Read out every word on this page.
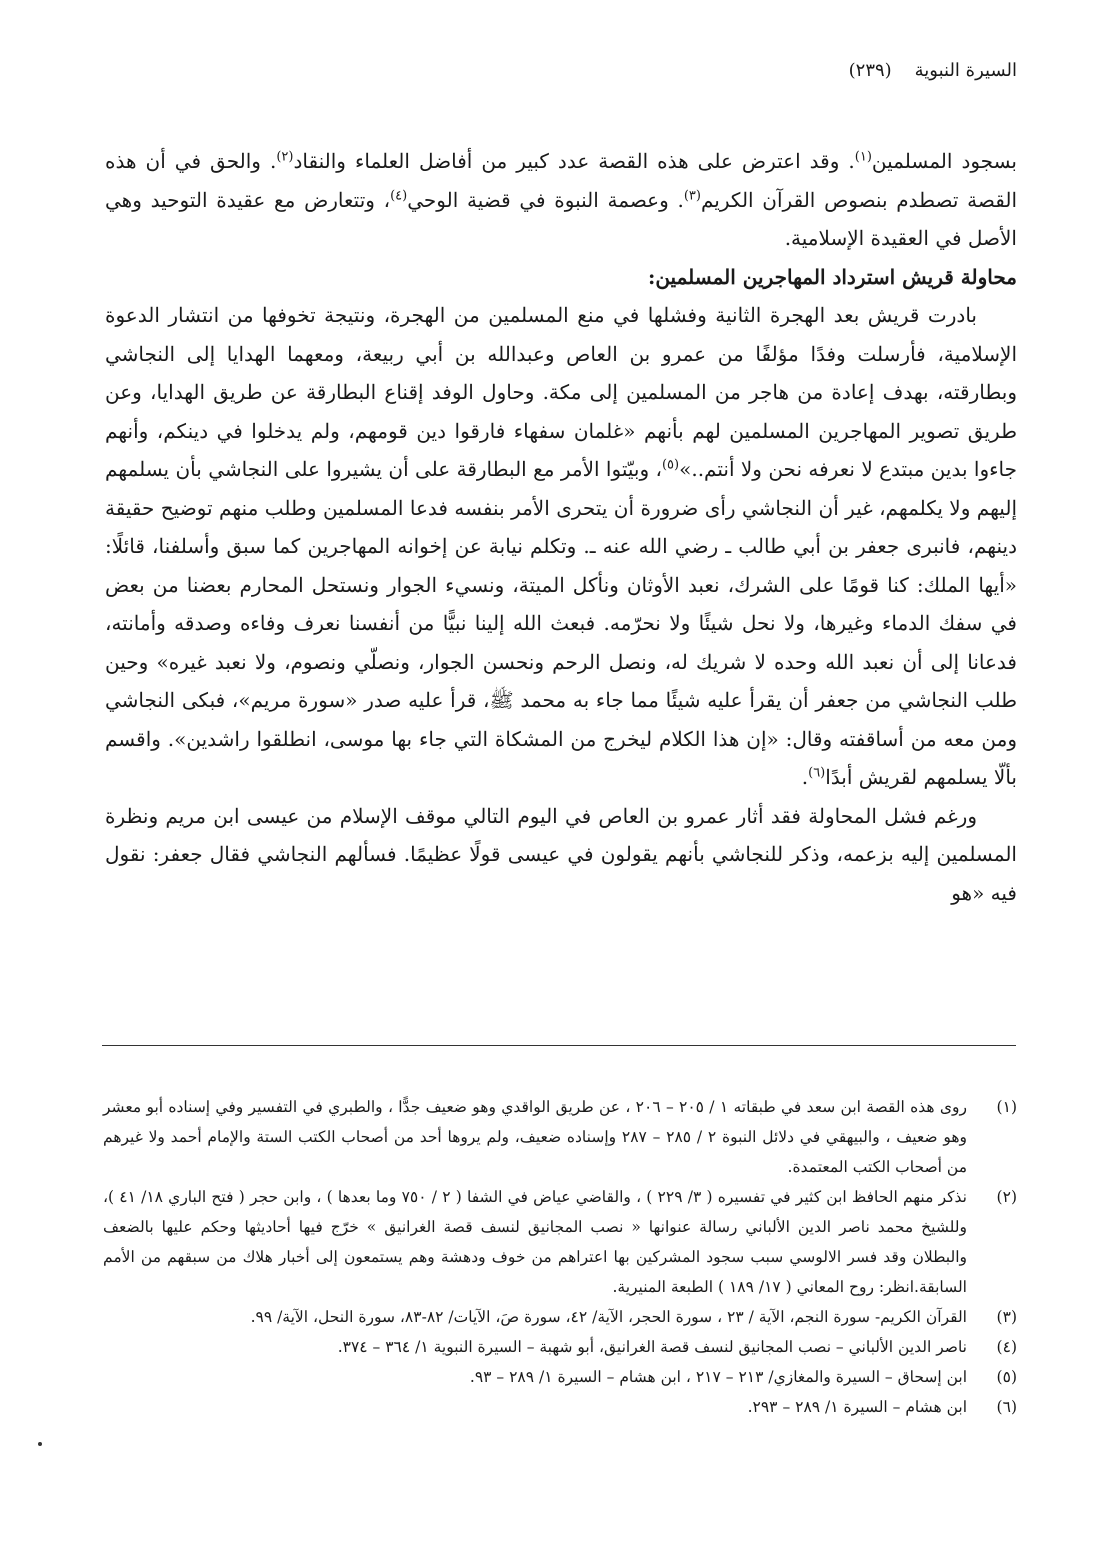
السيرة النبوية    (٢٣٩)

بسجود المسلمين$^{(١)}$. وقد اعترض على هذه القصة عدد كبير من أفاضل العلماء والنقاد$^{(٢)}$. والحق في أن هذه القصة تصطدم بنصوص القرآن الكريم$^{(٣)}$. وعصمة النبوة في قضية الوحي$^{(٤)}$، وتتعارض مع عقيدة التوحيد وهي الأصل في العقيدة الإسلامية.

محاولة قريش استرداد المهاجرين المسلمين:

بادرت قريش بعد الهجرة الثانية وفشلها في منع المسلمين من الهجرة، ونتيجة تخوفها من انتشار الدعوة الإسلامية، فأرسلت وفدًا مؤلفًا من عمرو بن العاص وعبدالله بن أبي ربيعة، ومعهما الهدايا إلى النجاشي وبطارقته، بهدف إعادة من هاجر من المسلمين إلى مكة. وحاول الوفد إقناع البطارقة عن طريق الهدايا، وعن طريق تصوير المهاجرين المسلمين لهم بأنهم «غلمان سفهاء فارقوا دين قومهم، ولم يدخلوا في دينكم، وأنهم جاءوا بدين مبتدع لا نعرفه نحن ولا أنتم..»$^{(٥)}$، وبيّتوا الأمر مع البطارقة على أن يشيروا على النجاشي بأن يسلمهم إليهم ولا يكلمهم، غير أن النجاشي رأى ضرورة أن يتحرى الأمر بنفسه فدعا المسلمين وطلب منهم توضيح حقيقة دينهم، فانبرى جعفر بن أبي طالب ـ رضي الله عنه ـ. وتكلم نيابة عن إخوانه المهاجرين كما سبق وأسلفنا، قائلًا: «أيها الملك: كنا قومًا على الشرك، نعبد الأوثان ونأكل الميتة، ونسيء الجوار ونستحل المحارم بعضنا من بعض في سفك الدماء وغيرها، ولا نحل شيئًا ولا نحرّمه. فبعث الله إلينا نبيًّا من أنفسنا نعرف وفاءه وصدقه وأمانته، فدعانا إلى أن نعبد الله وحده لا شريك له، ونصل الرحم ونحسن الجوار، ونصلّي ونصوم، ولا نعبد غيره» وحين طلب النجاشي من جعفر أن يقرأ عليه شيئًا مما جاء به محمد ﷺ، قرأ عليه صدر «سورة مريم»، فبكى النجاشي ومن معه من أساقفته وقال: «إن هذا الكلام ليخرج من المشكاة التي جاء بها موسى، انطلقوا راشدين». واقسم بألّا يسلمهم لقريش أبدًا$^{(٦)}$.

ورغم فشل المحاولة فقد أثار عمرو بن العاص في اليوم التالي موقف الإسلام من عيسى ابن مريم ونظرة المسلمين إليه بزعمه، وذكر للنجاشي بأنهم يقولون في عيسى قولًا عظيمًا. فسألهم النجاشي فقال جعفر: نقول فيه «هو

(١)
روى هذه القصة ابن سعد في طبقاته ١ / ٢٠٥ – ٢٠٦ ، عن طريق الواقدي وهو ضعيف جدًّا ، والطبري في التفسير وفي إسناده أبو معشر وهو ضعيف ، والبيهقي في دلائل النبوة ٢ / ٢٨٥ – ٢٨٧ وإسناده ضعيف، ولم يروها أحد من أصحاب الكتب الستة والإمام أحمد ولا غيرهم من أصحاب الكتب المعتمدة.
(٢)
نذكر منهم الحافظ ابن كثير في تفسيره ( ٣/ ٢٢٩ ) ، والقاضي عياض في الشفا ( ٢ / ٧٥٠ وما بعدها ) ، وابن حجر ( فتح الباري ١٨/ ٤١ )، وللشيخ محمد ناصر الدين الألباني رسالة عنوانها « نصب المجانيق لنسف قصة الغرانيق » خرّج فيها أحاديثها وحكم عليها بالضعف والبطلان وقد فسر الالوسي سبب سجود المشركين بها اعتراهم من خوف ودهشة وهم يستمعون إلى أخبار هلاك من سبقهم من الأمم السابقة.انظر: روح المعاني ( ١٧/ ١٨٩ ) الطبعة المنيرية.
(٣)
القرآن الكريم- سورة النجم، الآية / ٢٣ ، سورة الحجر، الآية/ ٤٢، سورة صَ، الآيات/ ٨٢-٨٣، سورة النحل، الآية/ ٩٩.
(٤)
ناصر الدين الألباني – نصب المجانيق لنسف قصة الغرانيق، أبو شهبة – السيرة النبوية ١/ ٣٦٤ – ٣٧٤.
(٥)
ابن إسحاق – السيرة والمغازي/ ٢١٣ – ٢١٧ ، ابن هشام – السيرة ١/ ٢٨٩ – ٩٣.
(٦)
ابن هشام – السيرة ١/ ٢٨٩ – ٢٩٣.
